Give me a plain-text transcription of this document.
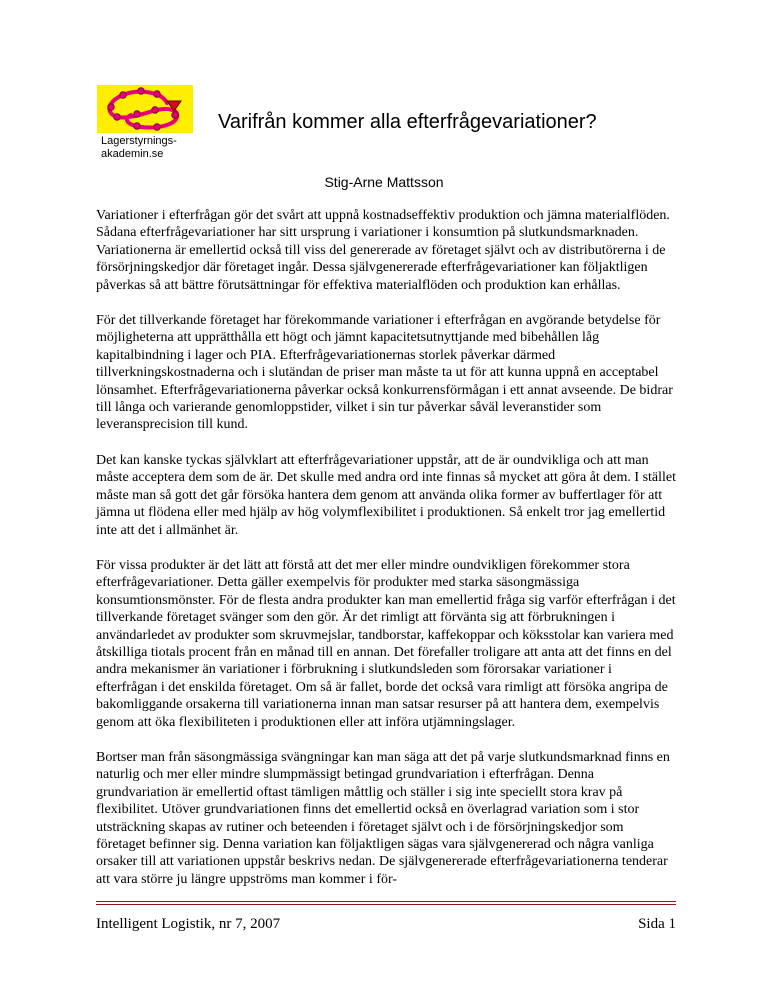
Lagerstyrnings-
akademin.se
Varifrån kommer alla efterfrågevariationer?
Stig-Arne Mattsson

Variationer i efterfrågan gör det svårt att uppnå kostnadseffektiv produktion och jämna materialflöden. Sådana efterfrågevariationer har sitt ursprung i variationer i konsumtion på slutkundsmarknaden. Variationerna är emellertid också till viss del genererade av företaget självt och av distributörerna i de försörjningskedjor där företaget ingår. Dessa självgenererade efterfrågevariationer kan följaktligen påverkas så att bättre förutsättningar för effektiva materialflöden och produktion kan erhållas.

För det tillverkande företaget har förekommande variationer i efterfrågan en avgörande betydelse för möjligheterna att upprätthålla ett högt och jämnt kapacitetsutnyttjande med bibehållen låg kapitalbindning i lager och PIA. Efterfrågevariationernas storlek påverkar därmed tillverkningskostnaderna och i slutändan de priser man måste ta ut för att kunna uppnå en acceptabel lönsamhet. Efterfrågevariationerna påverkar också konkurrensförmågan i ett annat avseende. De bidrar till långa och varierande genomloppstider, vilket i sin tur påverkar såväl leveranstider som leveransprecision till kund.

Det kan kanske tyckas självklart att efterfrågevariationer uppstår, att de är oundvikliga och att man måste acceptera dem som de är. Det skulle med andra ord inte finnas så mycket att göra åt dem. I stället måste man så gott det går försöka hantera dem genom att använda olika former av buffertlager för att jämna ut flödena eller med hjälp av hög volymflexibilitet i produktionen. Så enkelt tror jag emellertid inte att det i allmänhet är.

För vissa produkter är det lätt att förstå att det mer eller mindre oundvikligen förekommer stora efterfrågevariationer. Detta gäller exempelvis för produkter med starka säsongmässiga konsumtionsmönster. För de flesta andra produkter kan man emellertid fråga sig varför efterfrågan i det tillverkande företaget svänger som den gör. Är det rimligt att förvänta sig att förbrukningen i användarledet av produkter som skruvmejslar, tandborstar, kaffekoppar och köksstolar kan variera med åtskilliga tiotals procent från en månad till en annan. Det förefaller troligare att anta att det finns en del andra mekanismer än variationer i förbrukning i slutkundsleden som förorsakar variationer i efterfrågan i det enskilda företaget. Om så är fallet, borde det också vara rimligt att försöka angripa de bakomliggande orsakerna till variationerna innan man satsar resurser på att hantera dem, exempelvis genom att öka flexibiliteten i produktionen eller att införa utjämningslager.

Bortser man från säsongmässiga svängningar kan man säga att det på varje slutkundsmarknad finns en naturlig och mer eller mindre slumpmässigt betingad grundvariation i efterfrågan. Denna grundvariation är emellertid oftast tämligen måttlig och ställer i sig inte speciellt stora krav på flexibilitet. Utöver grundvariationen finns det emellertid också en överlagrad variation som i stor utsträckning skapas av rutiner och beteenden i företaget självt och i de försörjningskedjor som företaget befinner sig. Denna variation kan följaktligen sägas vara självgenererad och några vanliga orsaker till att variationen uppstår beskrivs nedan. De självgenererade efterfrågevariationerna tenderar att vara större ju längre uppströms man kommer i för-

Intelligent Logistik, nr 7, 2007	Sida 1
